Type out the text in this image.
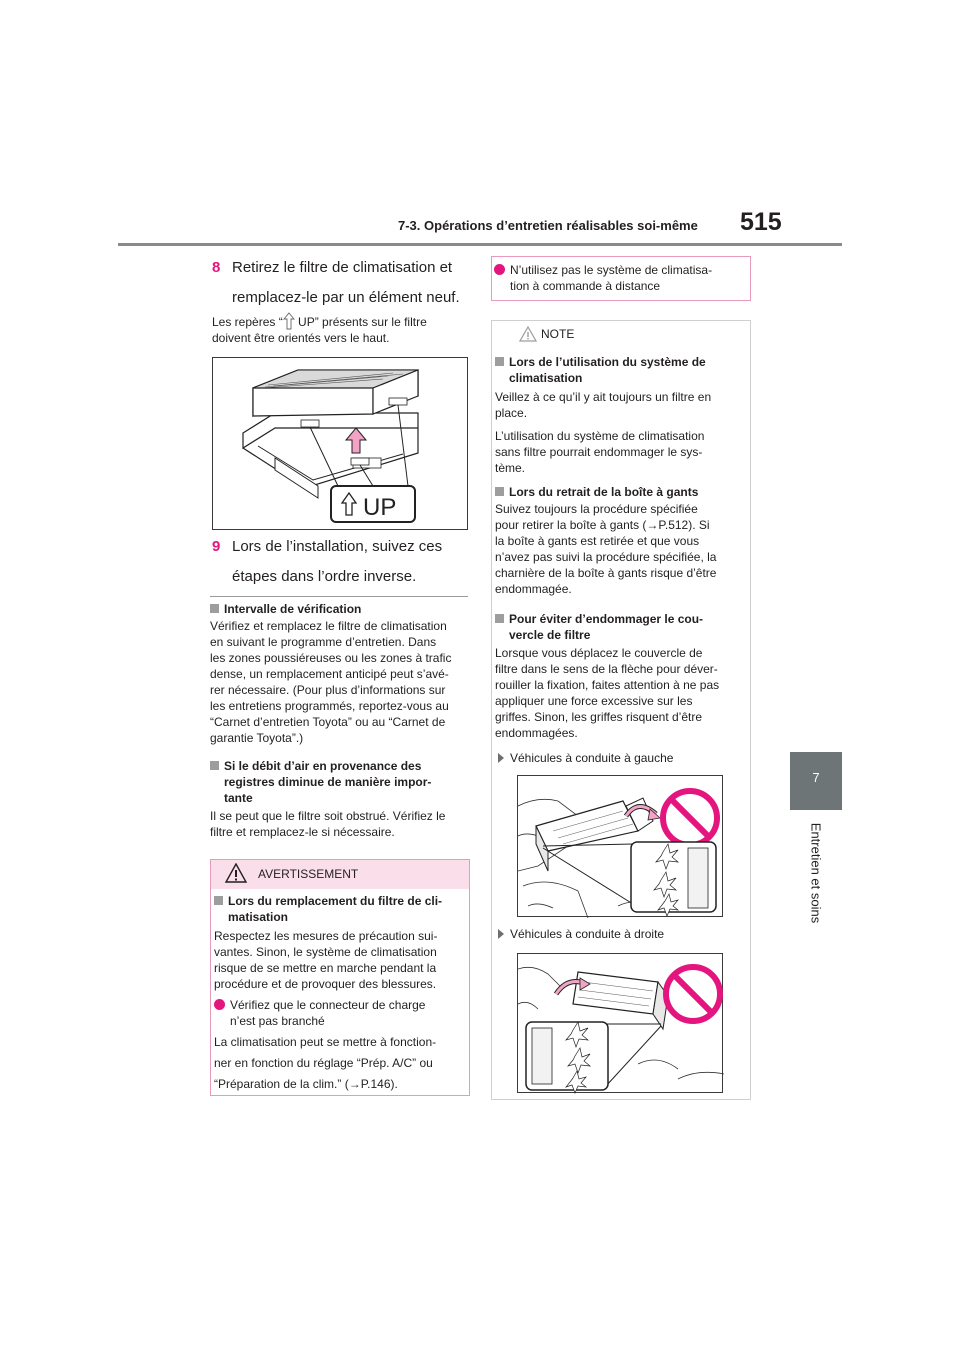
7-3. Opérations d’entretien réalisables soi-même 515
7
Entretien et soins
8 Retirez le filtre de climatisation et
remplacez-le par un élément neuf.
Les repères “ UP” présents sur le filtre
doivent être orientés vers le haut.
UP
9 Lors de l’installation, suivez ces
étapes dans l’ordre inverse.
Intervalle de vérification
Vérifiez et remplacez le filtre de climatisation
en suivant le programme d’entretien. Dans
les zones poussiéreuses ou les zones à trafic
dense, un remplacement anticipé peut s’avé-
rer nécessaire. (Pour plus d’informations sur
les entretiens programmés, reportez-vous au
“Carnet d’entretien Toyota” ou au “Carnet de
garantie Toyota”.)
Si le débit d’air en provenance des
registres diminue de manière impor-
tante
Il se peut que le filtre soit obstrué. Vérifiez le
filtre et remplacez-le si nécessaire.
AVERTISSEMENT
Lors du remplacement du filtre de cli-
matisation
Respectez les mesures de précaution sui-
vantes. Sinon, le système de climatisation
risque de se mettre en marche pendant la
procédure et de provoquer des blessures.
Vérifiez que le connecteur de charge
n’est pas branché
La climatisation peut se mettre à fonction-
ner en fonction du réglage “Prép. A/C” ou
“Préparation de la clim.” (→P.146).
N’utilisez pas le système de climatisa-
tion à commande à distance
NOTE
Lors de l’utilisation du système de
climatisation
Veillez à ce qu’il y ait toujours un filtre en
place.
L’utilisation du système de climatisation
sans filtre pourrait endommager le sys-
tème.
Lors du retrait de la boîte à gants
Suivez toujours la procédure spécifiée
pour retirer la boîte à gants (→P.512). Si
la boîte à gants est retirée et que vous
n’avez pas suivi la procédure spécifiée, la
charnière de la boîte à gants risque d’être
endommagée.
Pour éviter d’endommager le cou-
vercle de filtre
Lorsque vous déplacez le couvercle de
filtre dans le sens de la flèche pour déver-
rouiller la fixation, faites attention à ne pas
appliquer une force excessive sur les
griffes. Sinon, les griffes risquent d’être
endommagées.
Véhicules à conduite à gauche
Véhicules à conduite à droite
